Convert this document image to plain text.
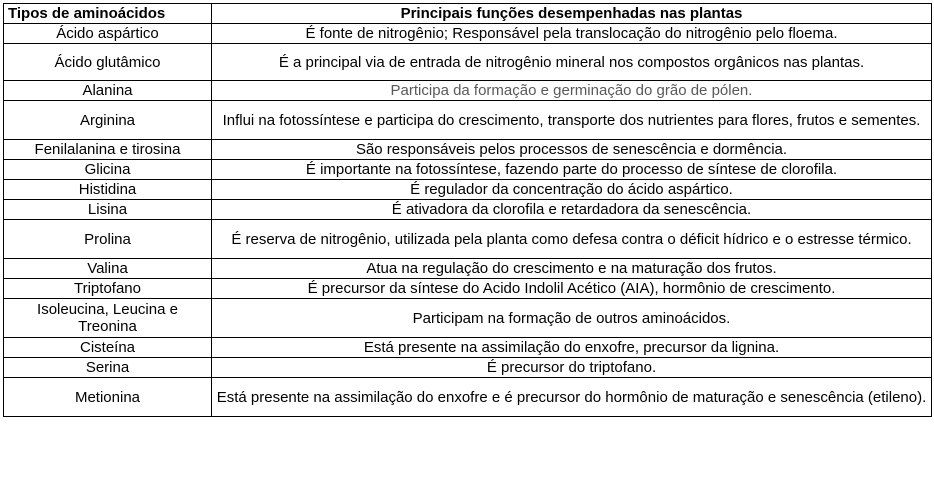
Tipos de aminoácidos	Principais funções desempenhadas nas plantas
Ácido aspártico	É fonte de nitrogênio; Responsável pela translocação do nitrogênio pelo floema.
Ácido glutâmico	É a principal via de entrada de nitrogênio mineral nos compostos orgânicos nas plantas.
Alanina	Participa da formação e germinação do grão de pólen.
Arginina	Influi na fotossíntese e participa do crescimento, transporte dos nutrientes para flores, frutos e sementes.
Fenilalanina e tirosina	São responsáveis pelos processos de senescência e dormência.
Glicina	É importante na fotossíntese, fazendo parte do processo de síntese de clorofila.
Histidina	É regulador da concentração do ácido aspártico.
Lisina	É ativadora da clorofila e retardadora da senescência.
Prolina	É reserva de nitrogênio, utilizada pela planta como defesa contra o déficit hídrico e o estresse térmico.
Valina	Atua na regulação do crescimento e na maturação dos frutos.
Triptofano	É precursor da síntese do Acido Indolil Acético (AIA), hormônio de crescimento.
Isoleucina, Leucina e Treonina	Participam na formação de outros aminoácidos.
Cisteína	Está presente na assimilação do enxofre, precursor da lignina.
Serina	É precursor do triptofano.
Metionina	Está presente na assimilação do enxofre e é precursor do hormônio de maturação e senescência (etileno).
